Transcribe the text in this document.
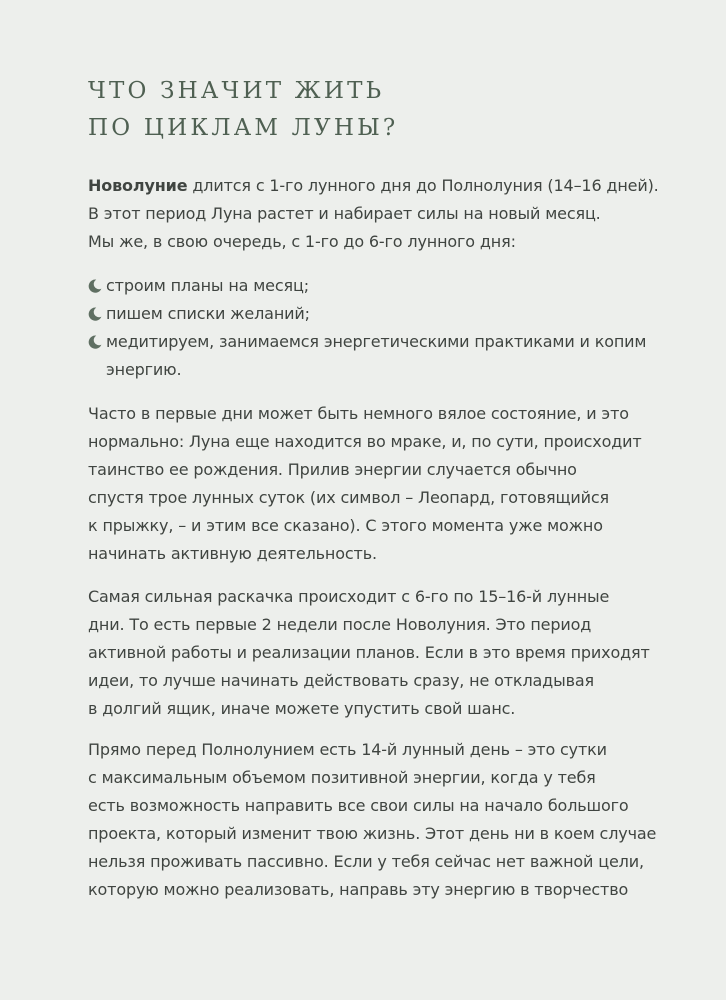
ЧТО ЗНАЧИТ ЖИТЬ
ПО ЦИКЛАМ ЛУНЫ?
Новолуние длится с 1-го лунного дня до Полнолуния (14–16 дней).
В этот период Луна растет и набирает силы на новый месяц.
Мы же, в свою очередь, с 1-го до 6-го лунного дня:
строим планы на месяц;
пишем списки желаний;
медитируем, занимаемся энергетическими практиками и копим
энергию.
Часто в первые дни может быть немного вялое состояние, и это
нормально: Луна еще находится во мраке, и, по сути, происходит
таинство ее рождения. Прилив энергии случается обычно
спустя трое лунных суток (их символ – Леопард, готовящийся
к прыжку, – и этим все сказано). С этого момента уже можно
начинать активную деятельность.
Самая сильная раскачка происходит с 6-го по 15–16-й лунные
дни. То есть первые 2 недели после Новолуния. Это период
активной работы и реализации планов. Если в это время приходят
идеи, то лучше начинать действовать сразу, не откладывая
в долгий ящик, иначе можете упустить свой шанс.
Прямо перед Полнолунием есть 14-й лунный день – это сутки
с максимальным объемом позитивной энергии, когда у тебя
есть возможность направить все свои силы на начало большого
проекта, который изменит твою жизнь. Этот день ни в коем случае
нельзя проживать пассивно. Если у тебя сейчас нет важной цели,
которую можно реализовать, направь эту энергию в творчество
